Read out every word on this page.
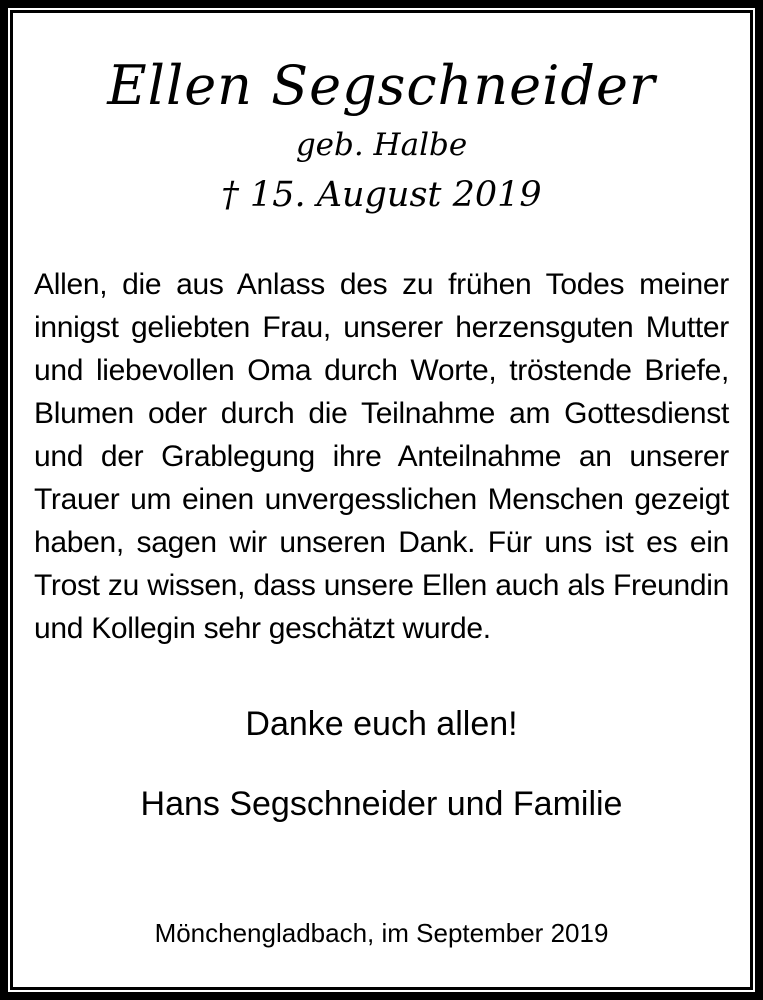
Ellen Segschneider
geb. Halbe
† 15. August 2019

Allen, die aus Anlass des zu frühen Todes meiner innigst geliebten Frau, unserer herzensguten Mutter und liebevollen Oma durch Worte, tröstende Briefe, Blumen oder durch die Teilnahme am Gottesdienst und der Grablegung ihre Anteilnahme an unserer Trauer um einen unvergesslichen Menschen gezeigt haben, sagen wir unseren Dank. Für uns ist es ein Trost zu wissen, dass unsere Ellen auch als Freundin und Kollegin sehr geschätzt wurde.

Danke euch allen!
Hans Segschneider und Familie
Mönchengladbach, im September 2019
